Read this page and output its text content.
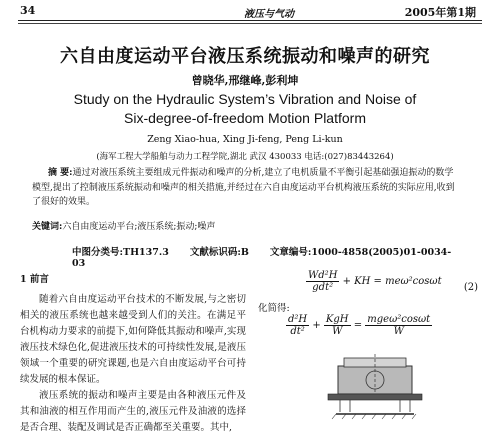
34	液压与气动	2005年第1期
六自由度运动平台液压系统振动和噪声的研究
曾晓华,邢继峰,彭利坤
Study on the Hydraulic System’s Vibration and Noise of
Six-degree-of-freedom Motion Platform
Zeng Xiao-hua, Xing Ji-feng, Peng Li-kun
(海军工程大学船舶与动力工程学院,湖北 武汉 430033 电话:(027)83443264)
摘 要:通过对液压系统主要组成元件振动和噪声的分析,建立了电机质量不平衡引起基础强迫振动的数学模型,提出了控制液压系统振动和噪声的相关措施,并经过在六自由度运动平台机构液压系统的实际应用,收到了很好的效果。
关键词:六自由度运动平台;液压系统;振动;噪声
中图分类号:TH137.3 文献标识码:B 文章编号:1000-4858(2005)01-0034-03
1 前言

随着六自由度运动平台技术的不断发展,与之密切相关的液压系统也越来越受到人们的关注。在满足平台机构动力要求的前提下,如何降低其振动和噪声,实现液压技术绿色化,促进液压技术的可持续性发展,是液压领域一个重要的研究课题,也是六自由度运动平台可持续发展的根本保证。

液压系统的振动和噪声主要是由各种液压元件及其和油液的相互作用而产生的,液压元件及油液的选择是否合理、装配及调试是否正确都至关重要。其中,

$\frac{\text{Wd²H}}{\text{gdt²}}$ + KH = meω²cosωt
(2)
化简得:
$\frac{\text{d²H}}{\text{dt²}} + \frac{\text{KgH}}{W} = \frac{\text{mgeω²cosωt}}{W}$
